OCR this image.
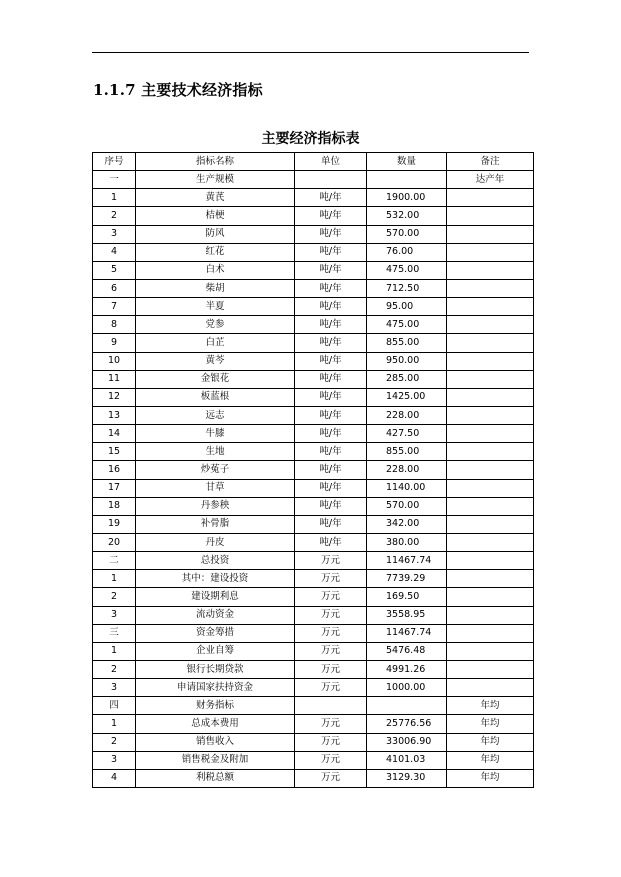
1.1.7 主要技术经济指标
主要经济指标表
序号	指标名称	单位	数量	备注
一	生产规模			达产年
1	黄芪	吨/年	1900.00	
2	桔梗	吨/年	532.00	
3	防风	吨/年	570.00	
4	红花	吨/年	76.00	
5	白术	吨/年	475.00	
6	柴胡	吨/年	712.50	
7	半夏	吨/年	95.00	
8	党参	吨/年	475.00	
9	白芷	吨/年	855.00	
10	黄芩	吨/年	950.00	
11	金银花	吨/年	285.00	
12	板蓝根	吨/年	1425.00	
13	远志	吨/年	228.00	
14	牛膝	吨/年	427.50	
15	生地	吨/年	855.00	
16	炒菟子	吨/年	228.00	
17	甘草	吨/年	1140.00	
18	丹参秧	吨/年	570.00	
19	补骨脂	吨/年	342.00	
20	丹皮	吨/年	380.00	
二	总投资	万元	11467.74	
1	其中：建设投资	万元	7739.29	
2	建设期利息	万元	169.50	
3	流动资金	万元	3558.95	
三	资金筹措	万元	11467.74	
1	企业自筹	万元	5476.48	
2	银行长期贷款	万元	4991.26	
3	申请国家扶持资金	万元	1000.00	
四	财务指标			年均
1	总成本费用	万元	25776.56	年均
2	销售收入	万元	33006.90	年均
3	销售税金及附加	万元	4101.03	年均
4	利税总额	万元	3129.30	年均
